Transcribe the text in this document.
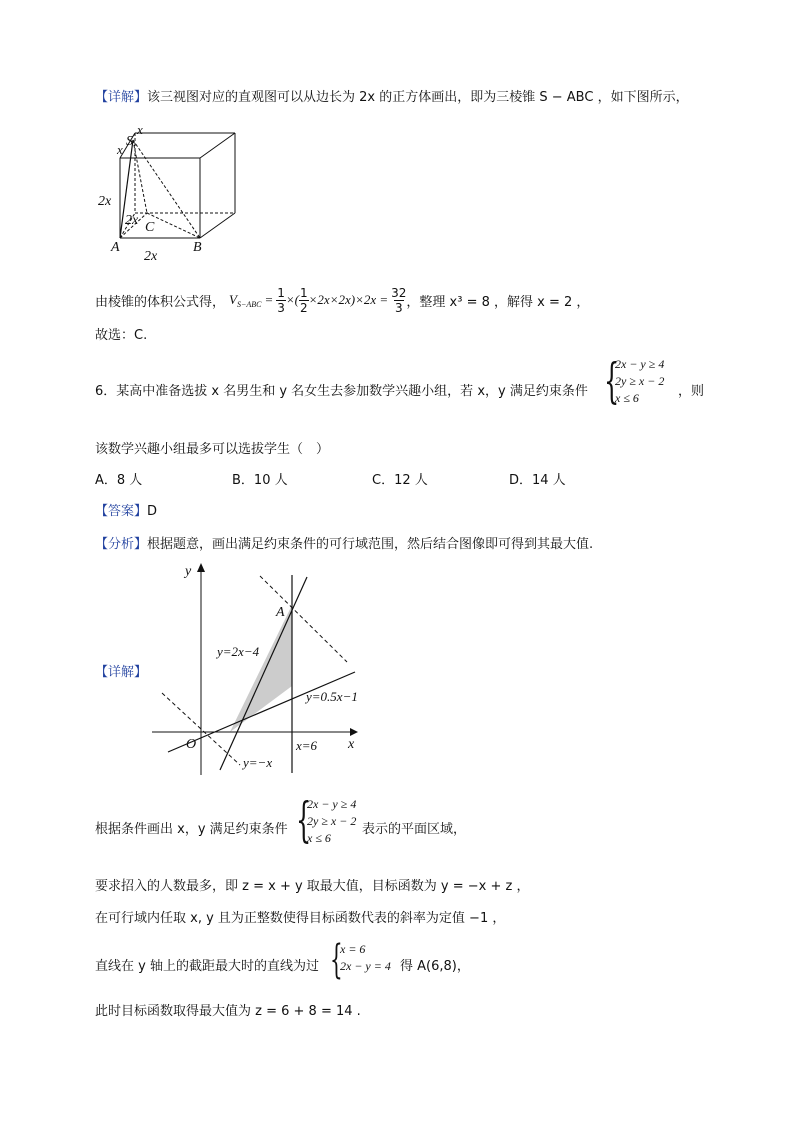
【详解】该三视图对应的直观图可以从边长为 2x 的正方体画出，即为三棱锥 S − ABC ，如下图所示，
x
S
x
2x
2x C
A	B
2x
由棱锥的体积公式得， V $S-ABC = \frac{1}{3}$ ×( $\frac{1}{2} \times 2x\times 2x)\times 2x = \frac{32}{3}$ ，整理 x³ = 8 ，解得 x = 2 ，
故选：C.
6．某高中准备选拔 x 名男生和 y 名女生去参加数学兴趣小组，若 x，y 满足约束条件 {
2x − y ≥ 4
2y ≥ x − 2
x ≤ 6	，则
该数学兴趣小组最多可以选拔学生（　）
A．8 人	B．10 人	C．12 人	D．14 人
【答案】D
【分析】根据题意，画出满足约束条件的可行域范围，然后结合图像即可得到其最大值.
【详解】
y
x
O
A
y=2x−4
y=0.5x−1
x=6
y=−x
根据条件画出 x，y 满足约束条件 {
2x − y ≥ 4
2y ≥ x − 2
x ≤ 6
表示的平面区域，
要求招入的人数最多，即 z = x + y 取最大值，目标函数为 y = −x + z ，
在可行域内任取 x, y 且为正整数使得目标函数代表的斜率为定值 −1 ，
直线在 y 轴上的截距最大时的直线为过 {
x = 6
2x − y = 4 得 A(6,8)，
此时目标函数取得最大值为 z = 6 + 8 = 14 .
